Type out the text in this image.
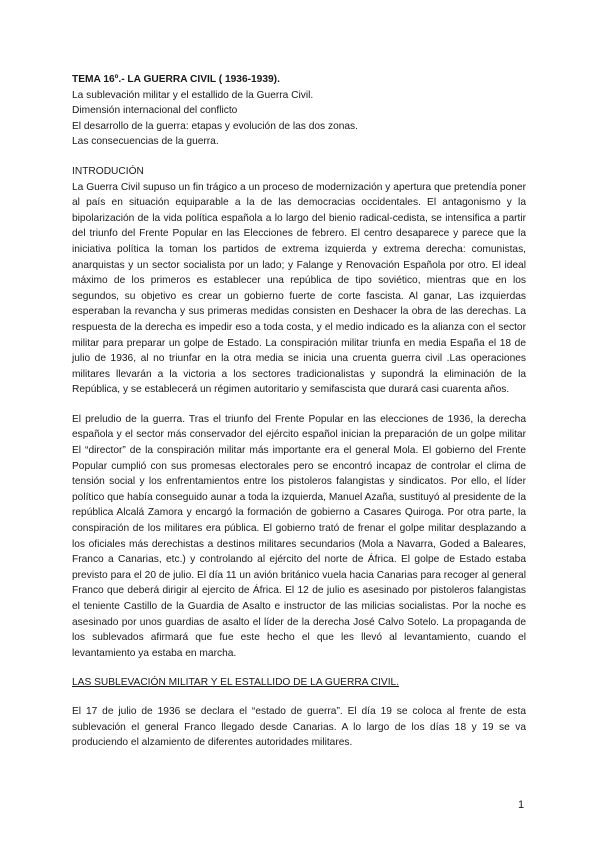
TEMA 16º.- LA GUERRA CIVIL ( 1936-1939).

La sublevación militar y el estallido de la Guerra Civil.

Dimensión internacional del conflicto

El desarrollo de la guerra: etapas y evolución de las dos zonas.

Las consecuencias de la guerra.

INTRODUCIÓN

La Guerra Civil supuso un fin trágico a un proceso de modernización y apertura que pretendía poner al país en situación equiparable a la de las democracias occidentales. El antagonismo y la bipolarización de la vida política española a lo largo del bienio radical-cedista, se intensifica a partir del triunfo del Frente Popular en las Elecciones de febrero. El centro desaparece y parece que la iniciativa política la toman los partidos de extrema izquierda y extrema derecha: comunistas, anarquistas y un sector socialista por un lado; y Falange y Renovación Española por otro. El ideal máximo de los primeros es establecer una república de tipo soviético, mientras que en los segundos, su objetivo es crear un gobierno fuerte de corte fascista. Al ganar, Las izquierdas esperaban la revancha y sus primeras medidas consisten en Deshacer la obra de las derechas. La respuesta de la derecha es impedir eso a toda costa, y el medio indicado es la alianza con el sector militar para preparar un golpe de Estado. La conspiración militar triunfa en media España el 18 de julio de 1936, al no triunfar en la otra media se inicia una cruenta guerra civil .Las operaciones militares llevarán a la victoria a los sectores tradicionalistas y supondrá la eliminación de la República, y se establecerá un régimen autoritario y semifascista que durará casi cuarenta años.

El preludio de la guerra. Tras el triunfo del Frente Popular en las elecciones de 1936, la derecha española y el sector más conservador del ejército español inician la preparación de un golpe militar El “director” de la conspiración militar más importante era el general Mola. El gobierno del Frente Popular cumplió con sus promesas electorales pero se encontró incapaz de controlar el clima de tensión social y los enfrentamientos entre los pistoleros falangistas y sindicatos. Por ello, el líder político que había conseguido aunar a toda la izquierda, Manuel Azaña, sustituyó al presidente de la república Alcalá Zamora y encargó la formación de gobierno a Casares Quiroga. Por otra parte, la conspiración de los militares era pública. El gobierno trató de frenar el golpe militar desplazando a los oficiales más derechistas a destinos militares secundarios (Mola a Navarra, Goded a Baleares, Franco a Canarias, etc.) y controlando al ejército del norte de África. El golpe de Estado estaba previsto para el 20 de julio. El día 11 un avión británico vuela hacia Canarias para recoger al general Franco que deberá dirigir al ejercito de África. El 12 de julio es asesinado por pistoleros falangistas el teniente Castillo de la Guardia de Asalto e instructor de las milicias socialistas. Por la noche es asesinado por unos guardias de asalto el líder de la derecha José Calvo Sotelo. La propaganda de los sublevados afirmará que fue este hecho el que les llevó al levantamiento, cuando el levantamiento ya estaba en marcha.

LAS SUBLEVACIÓN MILITAR Y EL ESTALLIDO DE LA GUERRA CIVIL.

El 17 de julio de 1936 se declara el “estado de guerra”. El día 19 se coloca al frente de esta sublevación el general Franco llegado desde Canarias. A lo largo de los días 18 y 19 se va produciendo el alzamiento de diferentes autoridades militares.

1
